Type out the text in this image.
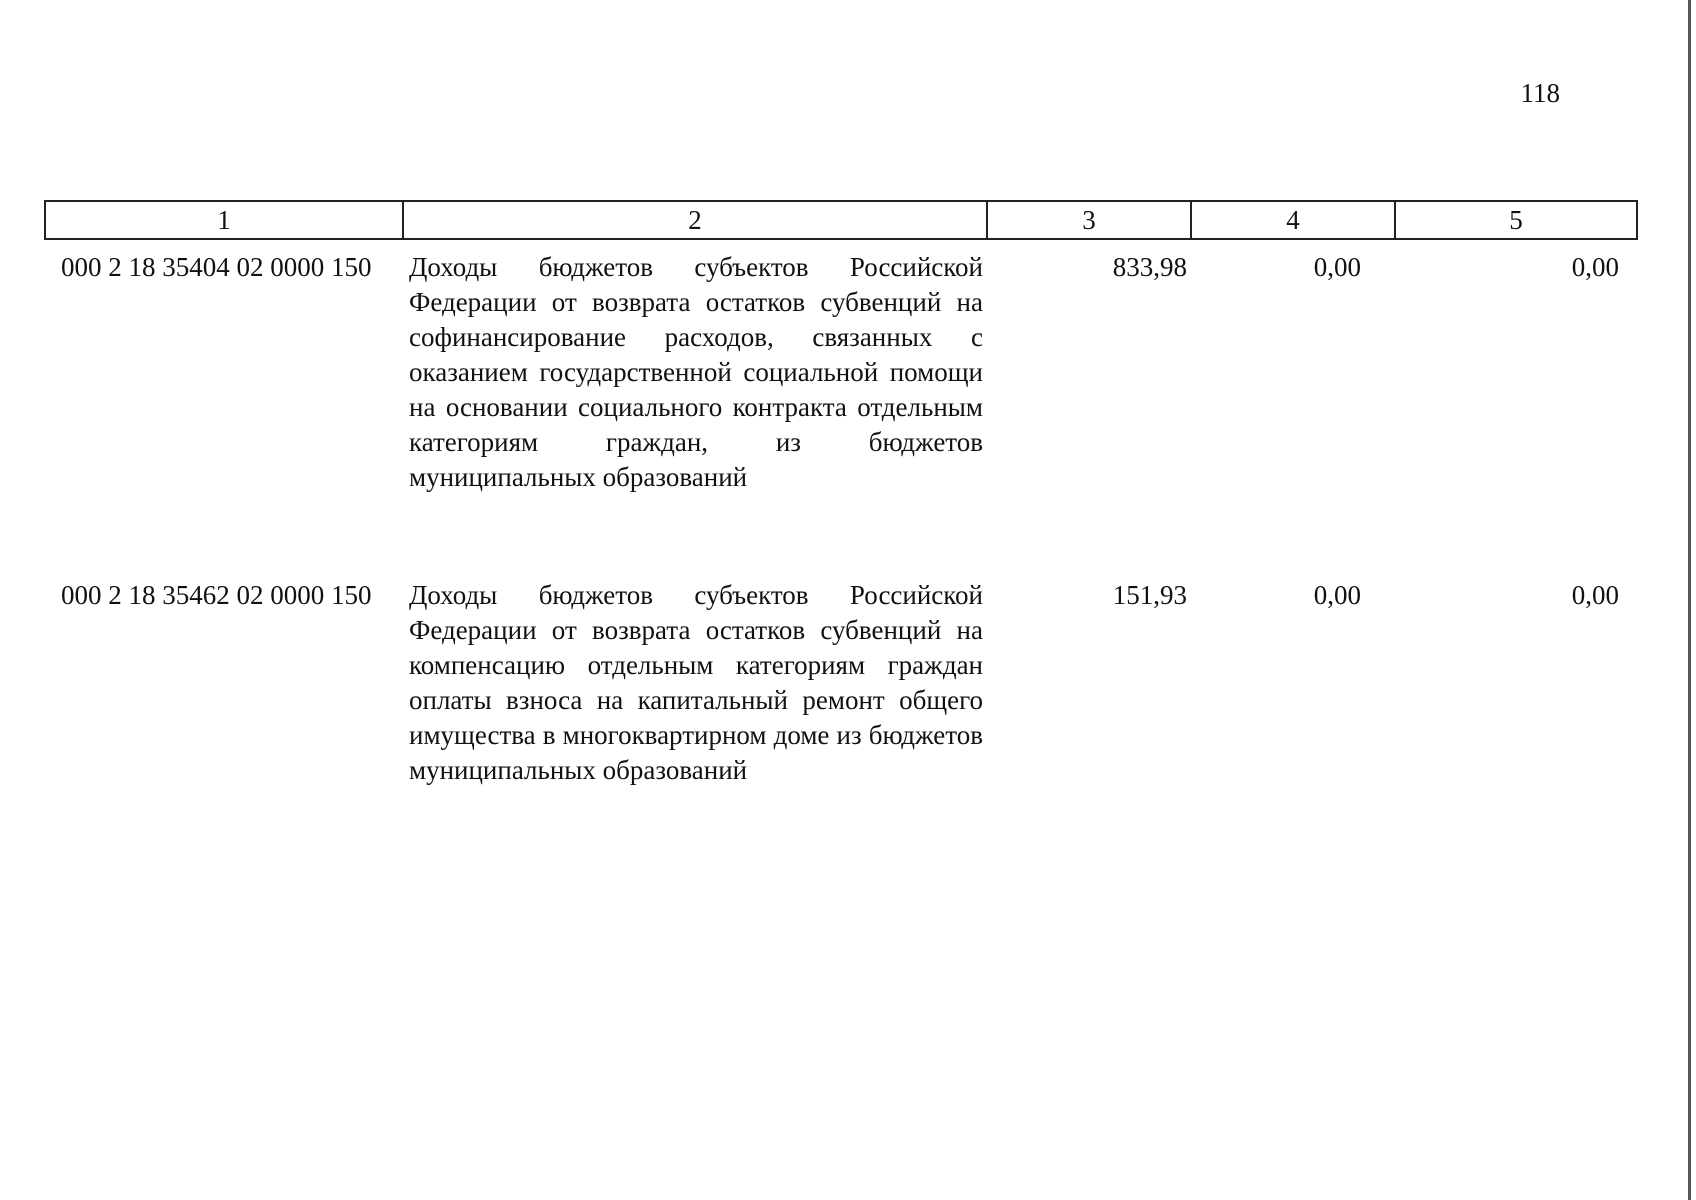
118
1	2	3	4	5
000 2 18 35404 02 0000 150	Доходы бюджетов субъектов Российской Федерации от возврата остатков субвенций на софинансирование расходов, связанных с оказанием государственной социальной помощи на основании социального контракта отдельным категориям граждан, из бюджетов муниципальных образований	833,98	0,00	0,00
000 2 18 35462 02 0000 150	Доходы бюджетов субъектов Российской Федерации от возврата остатков субвенций на компенсацию отдельным категориям граждан оплаты взноса на капитальный ремонт общего имущества в многоквартирном доме из бюджетов муниципальных образований	151,93	0,00	0,00
